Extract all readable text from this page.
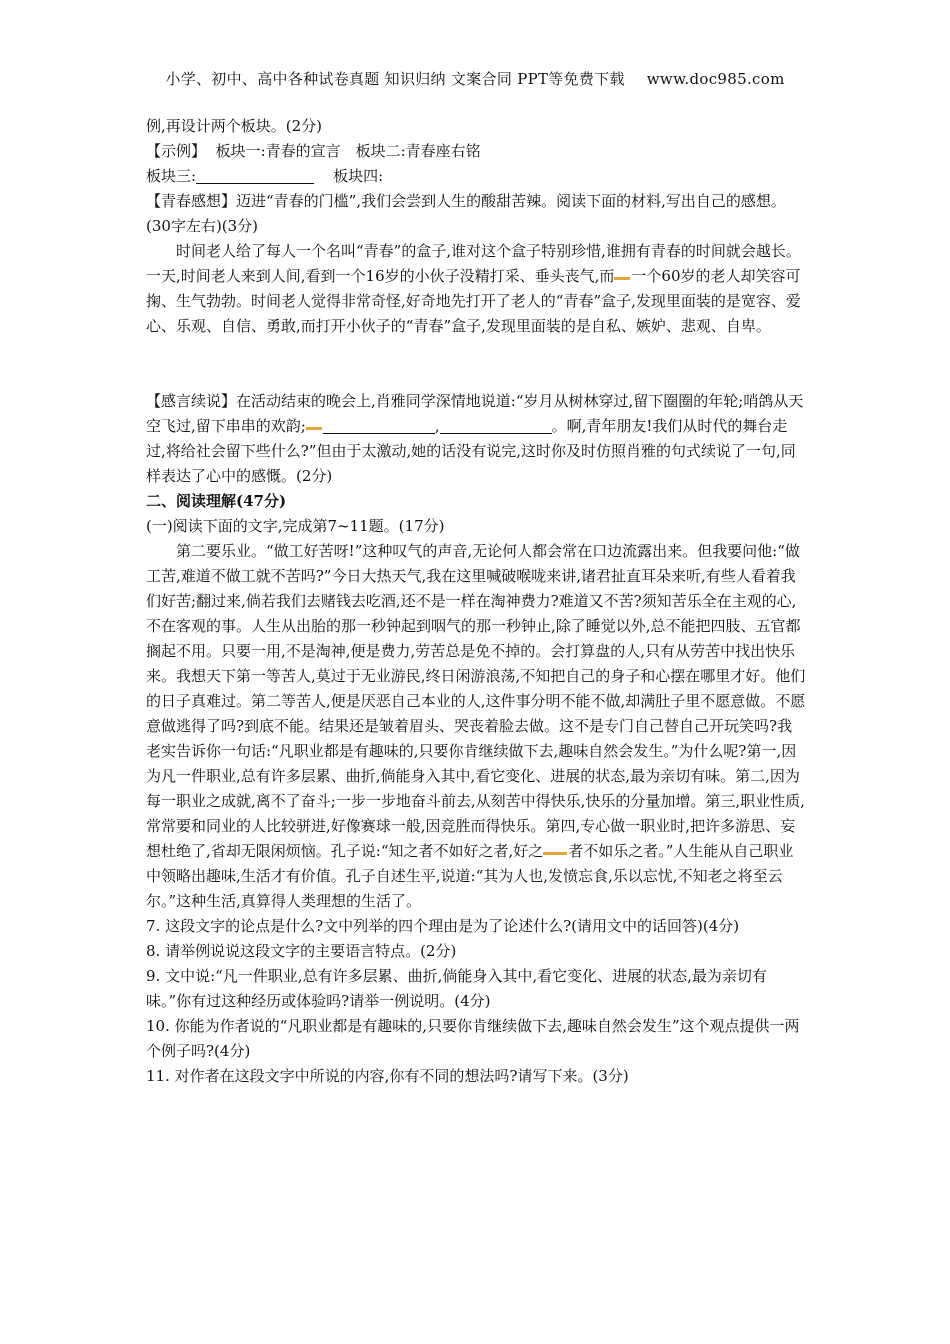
小学、初中、高中各种试卷真题 知识归纳 文案合同 PPT等免费下载 www.doc985.com

例,再设计两个板块。(2分)

【示例】 板块一:青春的宣言　板块二:青春座右铭

板块三:	板块四:

【青春感想】迈进“青春的门槛”,我们会尝到人生的酸甜苦辣。阅读下面的材料,写出自己的感想。(30字左右)(3分)

时间老人给了每人一个名叫“青春”的盒子,谁对这个盒子特别珍惜,谁拥有青春的时间就会越长。一天,时间老人来到人间,看到一个16岁的小伙子没精打采、垂头丧气,而 一个60岁的老人却笑容可掬、生气勃勃。时间老人觉得非常奇怪,好奇地先打开了老人的“青春”盒子,发现里面装的是宽容、爱心、乐观、自信、勇敢,而打开小伙子的“青春”盒子,发现里面装的是自私、嫉妒、悲观、自卑。

【感言续说】在活动结束的晚会上,肖雅同学深情地说道:“岁月从树林穿过,留下圈圈的年轮;哨鸽从天空飞过,留下串串的欢韵;	,	。啊,青年朋友!我们从时代的舞台走过,将给社会留下些什么?”但由于太激动,她的话没有说完,这时你及时仿照肖雅的句式续说了一句,同样表达了心中的感慨。(2分)

二、阅读理解(47分)

(一)阅读下面的文字,完成第7~11题。(17分)

第二要乐业。“做工好苦呀!”这种叹气的声音,无论何人都会常在口边流露出来。但我要问他:“做工苦,难道不做工就不苦吗?”今日大热天气,我在这里喊破喉咙来讲,诸君扯直耳朵来听,有些人看着我们好苦;翻过来,倘若我们去赌钱去吃酒,还不是一样在淘神费力?难道又不苦?须知苦乐全在主观的心,不在客观的事。人生从出胎的那一秒钟起到咽气的那一秒钟止,除了睡觉以外,总不能把四肢、五官都搁起不用。只要一用,不是淘神,便是费力,劳苦总是免不掉的。会打算盘的人,只有从劳苦中找出快乐来。我想天下第一等苦人,莫过于无业游民,终日闲游浪荡,不知把自己的身子和心摆在哪里才好。他们的日子真难过。第二等苦人,便是厌恶自己本业的人,这件事分明不能不做,却满肚子里不愿意做。不愿意做逃得了吗?到底不能。结果还是皱着眉头、哭丧着脸去做。这不是专门自己替自己开玩笑吗?我老实告诉你一句话:“凡职业都是有趣味的,只要你肯继续做下去,趣味自然会发生。”为什么呢?第一,因为凡一件职业,总有许多层累、曲折,倘能身入其中,看它变化、进展的状态,最为亲切有味。第二,因为每一职业之成就,离不了奋斗;一步一步地奋斗前去,从刻苦中得快乐,快乐的分量加增。第三,职业性质,常常要和同业的人比较骈进,好像赛球一般,因竞胜而得快乐。第四,专心做一职业时,把许多游思、妄想杜绝了,省却无限闲烦恼。孔子说:“知之者不如好之者,好之 者不如乐之者。”人生能从自己职业中领略出趣味,生活才有价值。孔子自述生平,说道:“其为人也,发愤忘食,乐以忘忧,不知老之将至云尔。”这种生活,真算得人类理想的生活了。

7. 这段文字的论点是什么?文中列举的四个理由是为了论述什么?(请用文中的话回答)(4分)

8. 请举例说说这段文字的主要语言特点。(2分)

9. 文中说:“凡一件职业,总有许多层累、曲折,倘能身入其中,看它变化、进展的状态,最为亲切有味。”你有过这种经历或体验吗?请举一例说明。(4分)

10. 你能为作者说的“凡职业都是有趣味的,只要你肯继续做下去,趣味自然会发生”这个观点提供一两个例子吗?(4分)

11. 对作者在这段文字中所说的内容,你有不同的想法吗?请写下来。(3分)
